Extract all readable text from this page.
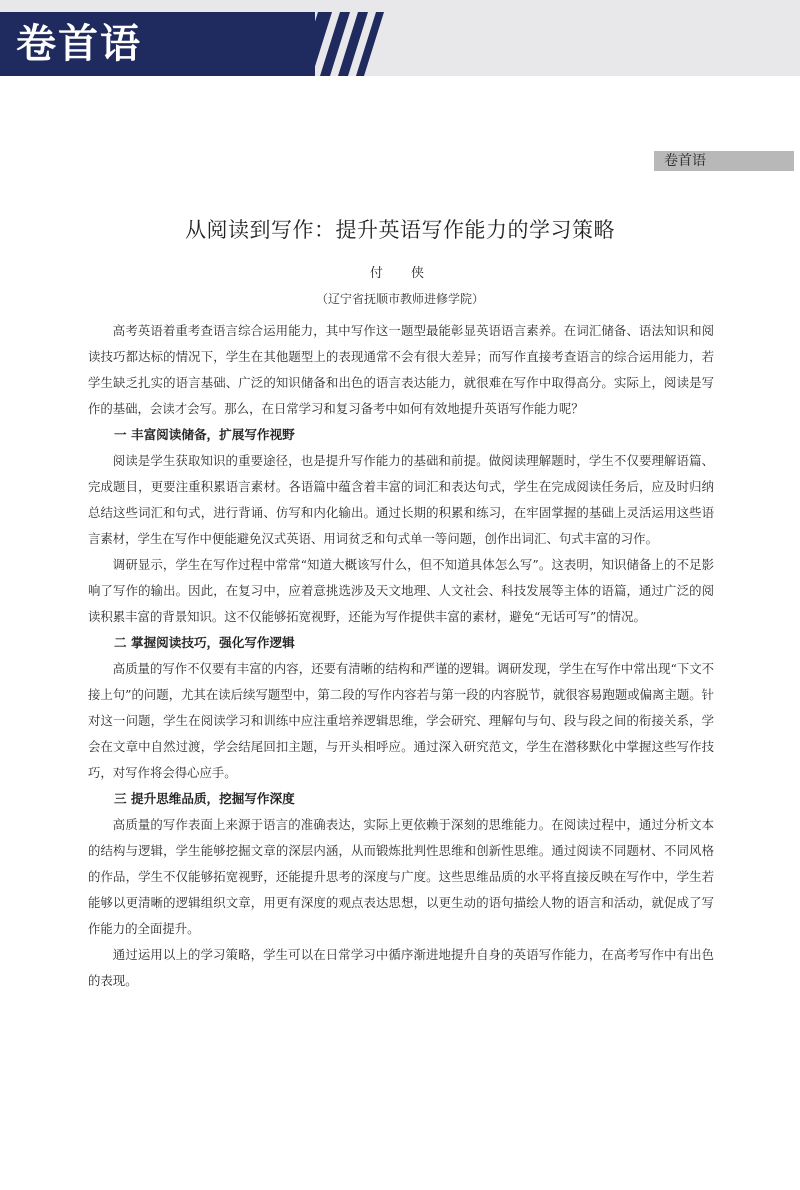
卷首语
卷首语
从阅读到写作：提升英语写作能力的学习策略
付 侠
（辽宁省抚顺市教师进修学院）

高考英语着重考查语言综合运用能力，其中写作这一题型最能彰显英语语言素养。在词汇储备、语法知识和阅读技巧都达标的情况下，学生在其他题型上的表现通常不会有很大差异；而写作直接考查语言的综合运用能力，若学生缺乏扎实的语言基础、广泛的知识储备和出色的语言表达能力，就很难在写作中取得高分。实际上，阅读是写作的基础，会读才会写。那么，在日常学习和复习备考中如何有效地提升英语写作能力呢？

一 丰富阅读储备，扩展写作视野

阅读是学生获取知识的重要途径，也是提升写作能力的基础和前提。做阅读理解题时，学生不仅要理解语篇、完成题目，更要注重积累语言素材。各语篇中蕴含着丰富的词汇和表达句式，学生在完成阅读任务后，应及时归纳总结这些词汇和句式，进行背诵、仿写和内化输出。通过长期的积累和练习，在牢固掌握的基础上灵活运用这些语言素材，学生在写作中便能避免汉式英语、用词贫乏和句式单一等问题，创作出词汇、句式丰富的习作。

调研显示，学生在写作过程中常常“知道大概该写什么，但不知道具体怎么写”。这表明，知识储备上的不足影响了写作的输出。因此，在复习中，应着意挑选涉及天文地理、人文社会、科技发展等主体的语篇，通过广泛的阅读积累丰富的背景知识。这不仅能够拓宽视野，还能为写作提供丰富的素材，避免“无话可写”的情况。

二 掌握阅读技巧，强化写作逻辑

高质量的写作不仅要有丰富的内容，还要有清晰的结构和严谨的逻辑。调研发现，学生在写作中常出现“下文不接上句”的问题，尤其在读后续写题型中，第二段的写作内容若与第一段的内容脱节，就很容易跑题或偏离主题。针对这一问题，学生在阅读学习和训练中应注重培养逻辑思维，学会研究、理解句与句、段与段之间的衔接关系，学会在文章中自然过渡，学会结尾回扣主题，与开头相呼应。通过深入研究范文，学生在潜移默化中掌握这些写作技巧，对写作将会得心应手。

三 提升思维品质，挖掘写作深度

高质量的写作表面上来源于语言的准确表达，实际上更依赖于深刻的思维能力。在阅读过程中，通过分析文本的结构与逻辑，学生能够挖掘文章的深层内涵，从而锻炼批判性思维和创新性思维。通过阅读不同题材、不同风格的作品，学生不仅能够拓宽视野，还能提升思考的深度与广度。这些思维品质的水平将直接反映在写作中，学生若能够以更清晰的逻辑组织文章，用更有深度的观点表达思想，以更生动的语句描绘人物的语言和活动，就促成了写作能力的全面提升。

通过运用以上的学习策略，学生可以在日常学习中循序渐进地提升自身的英语写作能力，在高考写作中有出色的表现。
